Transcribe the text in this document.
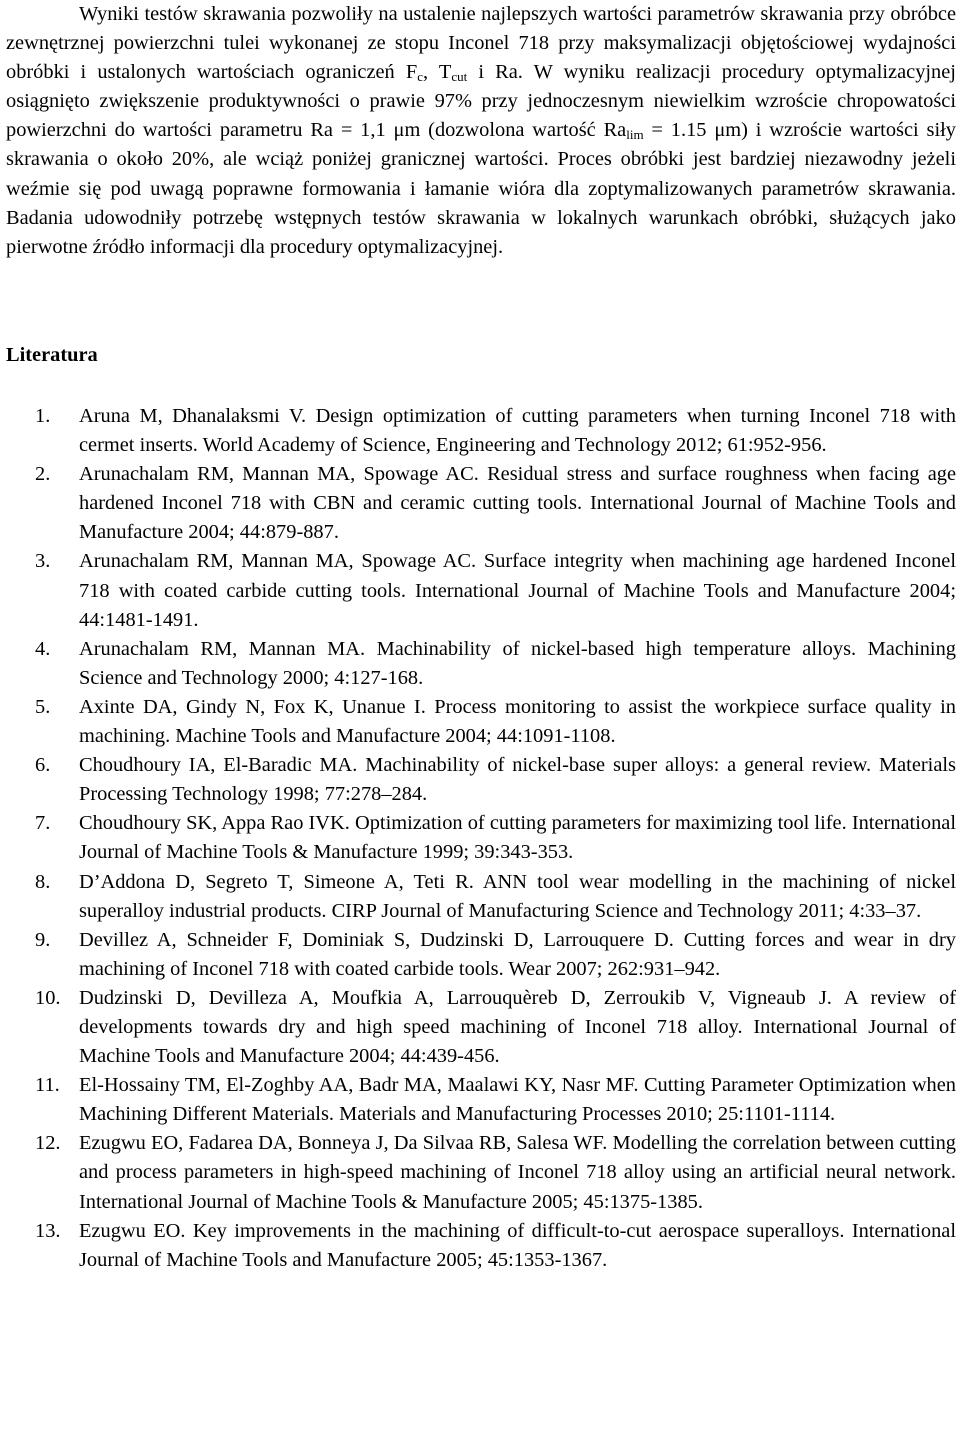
Wyniki testów skrawania pozwoliły na ustalenie najlepszych wartości parametrów skrawania przy obróbce zewnętrznej powierzchni tulei wykonanej ze stopu Inconel 718 przy maksymalizacji objętościowej wydajności obróbki i ustalonych wartościach ograniczeń $F_c$, $T_{cut}$ i Ra. W wyniku realizacji procedury optymalizacyjnej osiągnięto zwiększenie produktywności o prawie 97% przy jednoczesnym niewielkim wzroście chropowatości powierzchni do wartości parametru Ra = 1,1 μm (dozwolona wartość $Ra_{lim} = 1.15$ μm) i wzroście wartości siły skrawania o około 20%, ale wciąż poniżej granicznej wartości. Proces obróbki jest bardziej niezawodny jeżeli weźmie się pod uwagą poprawne formowania i łamanie wióra dla zoptymalizowanych parametrów skrawania. Badania udowodniły potrzebę wstępnych testów skrawania w lokalnych warunkach obróbki, służących jako pierwotne źródło informacji dla procedury optymalizacyjnej.

Literatura
1.	Aruna M, Dhanalaksmi V. Design optimization of cutting parameters when turning Inconel 718 with cermet inserts. World Academy of Science, Engineering and Technology 2012; 61:952-956.
2.	Arunachalam RM, Mannan MA, Spowage AC. Residual stress and surface roughness when facing age hardened Inconel 718 with CBN and ceramic cutting tools. International Journal of Machine Tools and Manufacture 2004; 44:879-887.
3.	Arunachalam RM, Mannan MA, Spowage AC. Surface integrity when machining age hardened Inconel 718 with coated carbide cutting tools. International Journal of Machine Tools and Manufacture 2004; 44:1481-1491.
4.	Arunachalam RM, Mannan MA. Machinability of nickel-based high temperature alloys. Machining Science and Technology 2000; 4:127-168.
5.	Axinte DA, Gindy N, Fox K, Unanue I. Process monitoring to assist the workpiece surface quality in machining. Machine Tools and Manufacture 2004; 44:1091-1108.
6.	Choudhoury IA, El-Baradic MA. Machinability of nickel-base super alloys: a general review. Materials Processing Technology 1998; 77:278–284.
7.	Choudhoury SK, Appa Rao IVK. Optimization of cutting parameters for maximizing tool life. International Journal of Machine Tools & Manufacture 1999; 39:343-353.
8.	D’Addona D, Segreto T, Simeone A, Teti R. ANN tool wear modelling in the machining of nickel superalloy industrial products. CIRP Journal of Manufacturing Science and Technology 2011; 4:33–37.
9.	Devillez A, Schneider F, Dominiak S, Dudzinski D, Larrouquere D. Cutting forces and wear in dry machining of Inconel 718 with coated carbide tools. Wear 2007; 262:931–942.
10. Dudzinski D, Devilleza A, Moufkia A, Larrouquèreb D, Zerroukib V, Vigneaub J. A review of developments towards dry and high speed machining of Inconel 718 alloy. International Journal of Machine Tools and Manufacture 2004; 44:439-456.
11. El-Hossainy TM, El-Zoghby AA, Badr MA, Maalawi KY, Nasr MF. Cutting Parameter Optimization when Machining Different Materials. Materials and Manufacturing Processes 2010; 25:1101-1114.
12. Ezugwu EO, Fadarea DA, Bonneya J, Da Silvaa RB, Salesa WF. Modelling the correlation between cutting and process parameters in high-speed machining of Inconel 718 alloy using an artificial neural network. International Journal of Machine Tools & Manufacture 2005; 45:1375-1385.
13. Ezugwu EO. Key improvements in the machining of difficult-to-cut aerospace superalloys. International Journal of Machine Tools and Manufacture 2005; 45:1353-1367.
